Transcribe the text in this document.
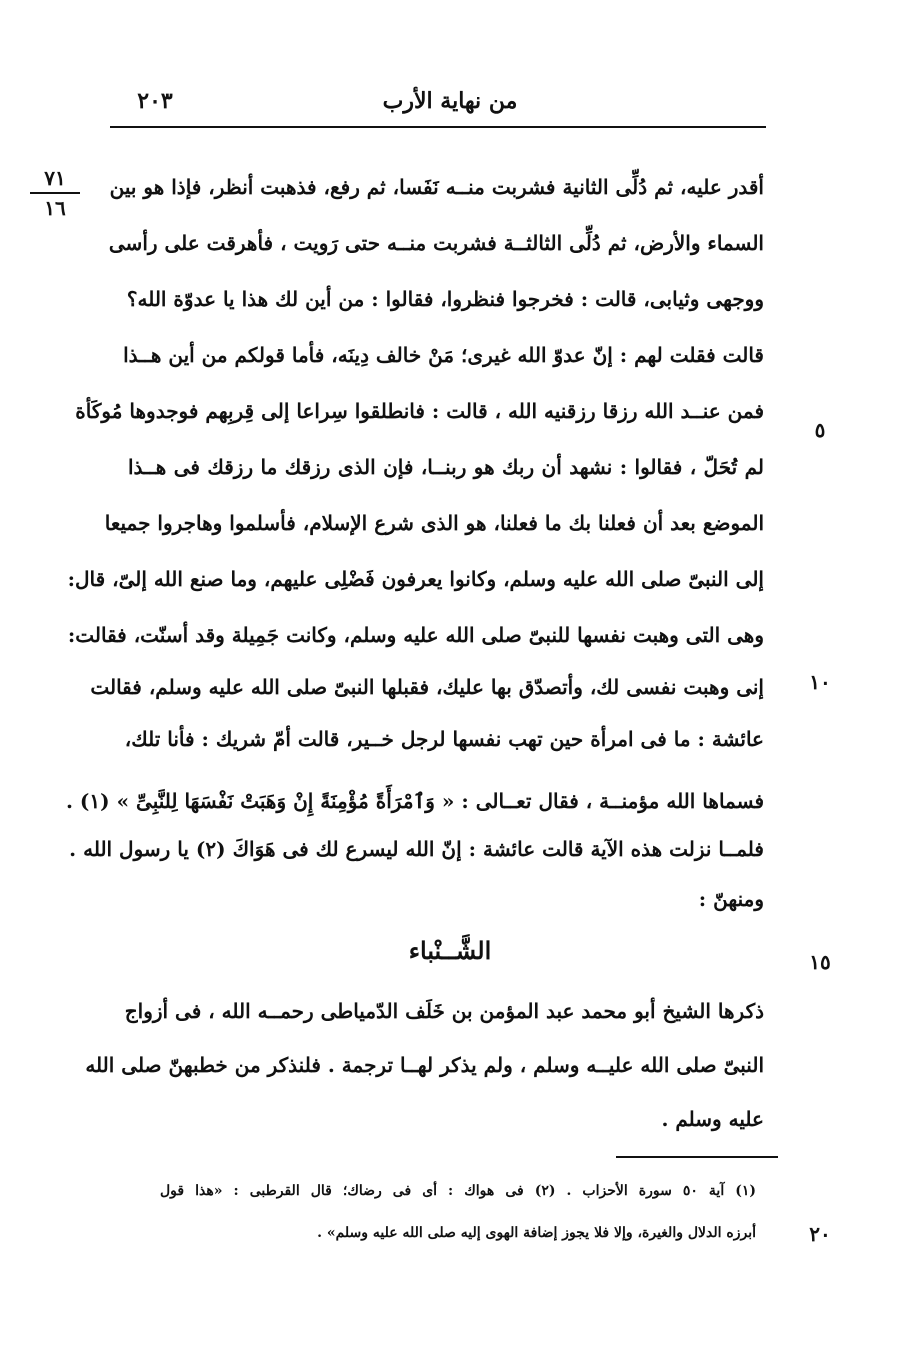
من نهاية الأرب
٢٠٣
٧١
١٦
٥
١٠
١٥
٢٠
أقدر عليه، ثم دُلِّى الثانية فشربت منــه نَفَسا، ثم رفع، فذهبت أنظر، فإذا هو بين
السماء والأرض، ثم دُلِّى الثالثــة فشربت منــه حتى رَويت ، فأهرقت على رأسى
ووجهى وثيابى، قالت : فخرجوا فنظروا، فقالوا : من أين لك هذا يا عدوّة الله؟
قالت فقلت لهم : إنّ عدوّ الله غيرى؛ مَنْ خالف دِينَه، فأما قولكم من أين هــذا
فمن عنــد الله رزقا رزقنيه الله ، قالت : فانطلقوا سِراعا إلى قِربِهم فوجدوها مُوكَأة
لم تُحَلّ ، فقالوا : نشهد أن ربك هو ربنــا، فإن الذى رزقك ما رزقك فى هــذا
الموضع بعد أن فعلنا بك ما فعلنا، هو الذى شرع الإسلام، فأسلموا وهاجروا جميعا
إلى النبىّ صلى الله عليه وسلم، وكانوا يعرفون فَضْلِى عليهم، وما صنع الله إلىّ، قال:
وهى التى وهبت نفسها للنبىّ صلى الله عليه وسلم، وكانت جَمِيلة وقد أسنّت، فقالت:
إنى وهبت نفسى لك، وأتصدّق بها عليك، فقبلها النبىّ صلى الله عليه وسلم، فقالت
عائشة : ما فى امرأة حين تهب نفسها لرجل خــير، قالت أمّ شريك : فأنا تلك،
فسماها الله مؤمنــة ، فقال تعــالى : « وَٱمْرَأَةً مُؤْمِنَةً إِنْ وَهَبَتْ نَفْسَهَا لِلنَّبِىِّ » (١) .
فلمــا نزلت هذه الآية قالت عائشة : إنّ الله ليسرع لك فى هَوَاكَ (٢) يا رسول الله .
ومنهنّ :
الشَّــنْباء
ذكرها الشيخ أبو محمد عبد المؤمن بن خَلَف الدّمياطى رحمــه الله ، فى أزواج
النبىّ صلى الله عليــه وسلم ، ولم يذكر لهــا ترجمة . فلنذكر من خطبهنّ صلى الله
عليه وسلم .
(١) آية ٥٠ سورة الأحزاب . (٢) فى هواك : أى فى رضاك؛ قال القرطبى : «هذا قول
أبرزه الدلال والغيرة، وإلا فلا يجوز إضافة الهوى إليه صلى الله عليه وسلم» .
